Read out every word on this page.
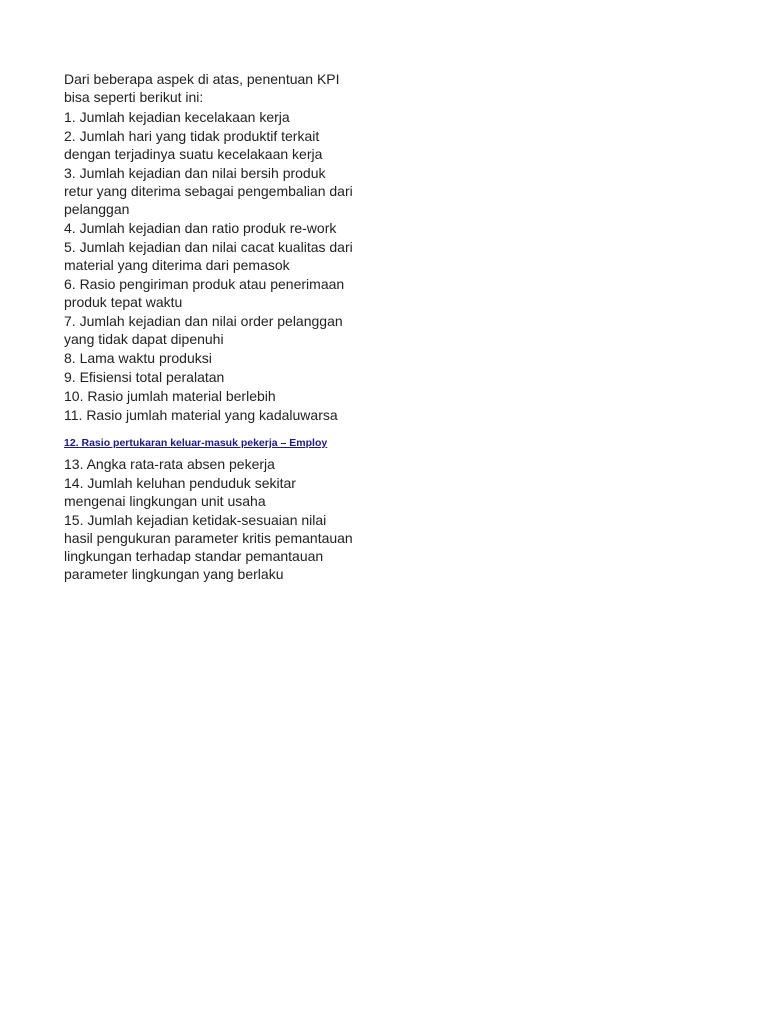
Dari beberapa aspek di atas, penentuan KPI bisa seperti berikut ini:

1. Jumlah kejadian kecelakaan kerja

2. Jumlah hari yang tidak produktif terkait dengan terjadinya suatu kecelakaan kerja

3. Jumlah kejadian dan nilai bersih produk retur yang diterima sebagai pengembalian dari pelanggan

4. Jumlah kejadian dan ratio produk re-work

5. Jumlah kejadian dan nilai cacat kualitas dari material yang diterima dari pemasok

6. Rasio pengiriman produk atau penerimaan produk tepat waktu

7. Jumlah kejadian dan nilai order pelanggan yang tidak dapat dipenuhi

8. Lama waktu produksi

9. Efisiensi total peralatan

10. Rasio jumlah material berlebih

11. Rasio jumlah material yang kadaluwarsa

12. Rasio pertukaran keluar-masuk pekerja – Employ

13. Angka rata-rata absen pekerja

14. Jumlah keluhan penduduk sekitar mengenai lingkungan unit usaha

15. Jumlah kejadian ketidak-sesuaian nilai hasil pengukuran parameter kritis pemantauan lingkungan terhadap standar pemantauan parameter lingkungan yang berlaku
